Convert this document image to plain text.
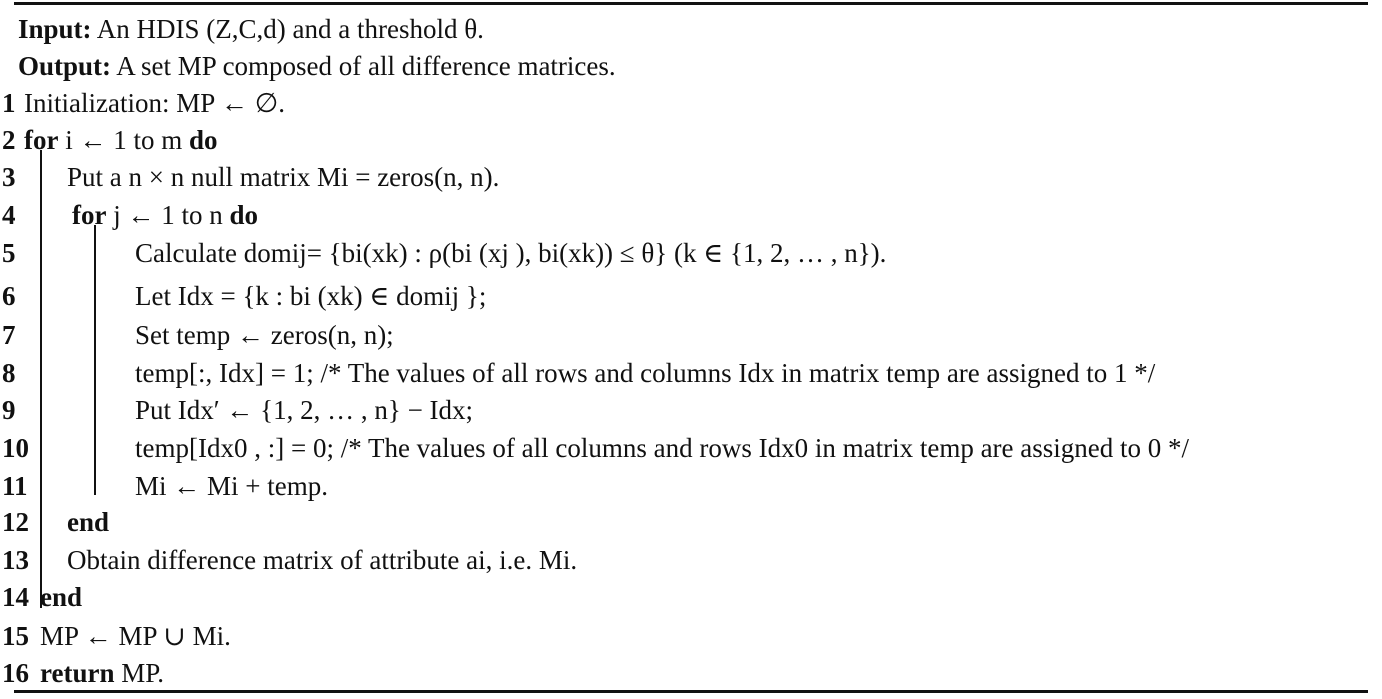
Input: An HDIS (Z,C,d) and a threshold θ.
Output: A set MP composed of all difference matrices.
1 Initialization: MP ← ∅.
2 for i ← 1 to m do
3 Put a n × n null matrix Mi = zeros(n, n).
4 for j ← 1 to n do
5	Calculate domij= {bi(xk) : ρ(bi (xj ), bi(xk)) ≤ θ} (k ∈ {1, 2, … , n}).
6	Let Idx = {k : bi (xk) ∈ domij };
7	Set temp ← zeros(n, n);
8	temp[:, Idx] = 1; /* The values of all rows and columns Idx in matrix temp are assigned to 1 */
9	Put Idx′ ← {1, 2, … , n} − Idx;
10	temp[Idx0 , :] = 0; /* The values of all columns and rows Idx0 in matrix temp are assigned to 0 */
11	Mi ← Mi + temp.
12 end
13 Obtain difference matrix of attribute ai, i.e. Mi.
14 end
15 MP ← MP ∪ Mi.
16 return MP.
